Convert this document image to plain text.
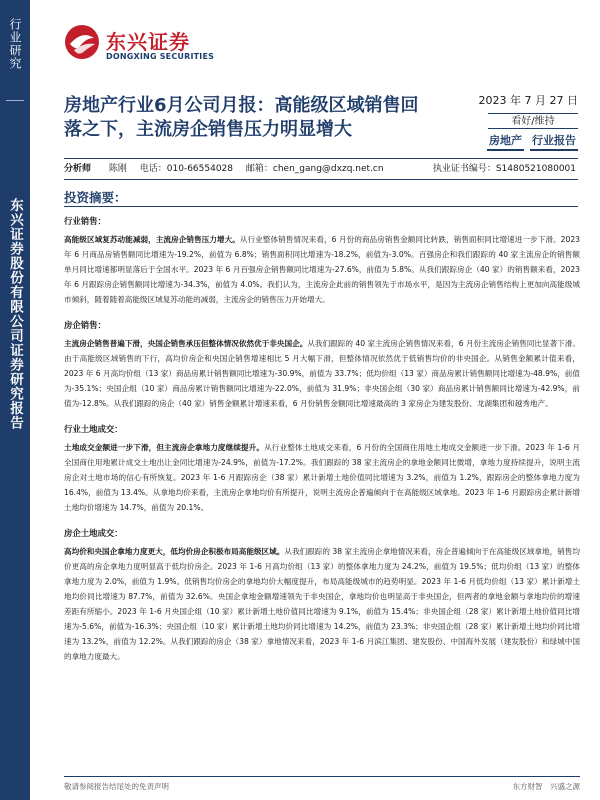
行业研究
东兴证券股份有限公司证券研究报告
东兴证券
DONGXING SECURITIES
房地产行业6月公司月报：高能级区域销售回落之下，主流房企销售压力明显增大
2023 年 7 月 27 日
看好/维持
房地产 行业报告
分析师 陈刚 电话：010-66554028 邮箱：chen_gang@dxzq.net.cn	执业证书编号：S1480521080001
投资摘要：
行业销售：
高能级区域复苏动能减弱，主流房企销售压力增大。从行业整体销售情况来看，6 月份的商品房销售金额同比转跌，销售面积同比增速进一步下滑。2023 年 6 月商品房销售额同比增速为-19.2%，前值为 6.8%；销售面积同比增速为-18.2%，前值为-3.0%。百强房企和我们跟踪的 40 家主流房企的销售额单月同比增速都明显落后于全国水平。2023 年 6 月百强房企销售额同比增速为-27.6%，前值为 5.8%。从我们跟踪房企（40 家）的销售额来看，2023 年 6 月跟踪房企销售额同比增速为-34.3%，前值为 4.0%。我们认为，主流房企此前的销售领先于市场水平，是因为主流房企销售结构上更加向高能级城市倾斜，随着随着高能级区域复苏动能的减弱，主流房企的销售压力开始增大。
房企销售：
主流房企销售普遍下滑，央国企销售承压但整体情况依然优于非央国企。从我们跟踪的 40 家主流房企销售情况来看，6 月份主流房企销售同比显著下滑。由于高能级区域销售的下行，高均价房企和央国企销售增速相比 5 月大幅下滑，但整体情况依然优于低销售均价的非央国企。从销售金额累计值来看，2023 年 6 月高均价组（13 家）商品房累计销售额同比增速为-30.9%，前值为 33.7%；低均价组（13 家）商品房累计销售额同比增速为-48.9%，前值为-35.1%；央国企组（10 家）商品房累计销售额同比增速为-22.0%，前值为 31.9%；非央国企组（30 家）商品房累计销售额同比增速为-42.9%，前值为-12.8%。从我们跟踪的房企（40 家）销售金额累计增速来看，6 月份销售金额同比增速最高的 3 家房企为建发股份、龙湖集团和越秀地产。
行业土地成交：
土地成交金额进一步下滑，但主流房企拿地力度继续提升。从行业整体土地成交来看，6 月份的全国商住用地土地成交金额进一步下滑。2023 年 1-6 月全国商住用地累计成交土地出让金同比增速为-24.9%，前值为-17.2%。我们跟踪的 38 家主流房企的拿地金额同比微增，拿地力度持续提升，说明主流房企对土地市场的信心有所恢复。2023 年 1-6 月跟踪房企（38 家）累计新增土地价值同比增速为 3.2%，前值为 1.2%，跟踪房企的整体拿地力度为 16.4%，前值为 13.4%。从拿地均价来看，主流房企拿地均价有所提升，说明主流房企普遍倾向于在高能级区域拿地。2023 年 1-6 月跟踪房企累计新增土地均价增速为 14.7%，前值为 20.1%。
房企土地成交：
高均价和央国企拿地力度更大，低均价房企积极布局高能级区域。从我们跟踪的 38 家主流房企拿地情况来看，房企普遍倾向于在高能级区域拿地，销售均价更高的房企拿地力度明显高于低均价房企。2023 年 1-6 月高均价组（13 家）的整体拿地力度为 24.2%，前值为 19.5%；低均价组（13 家）的整体拿地力度为 2.0%，前值为 1.9%。低销售均价房企的拿地均价大幅度提升，布局高能级城市的趋势明显。2023 年 1-6 月低均价组（13 家）累计新增土地均价同比增速为 87.7%，前值为 32.6%。央国企拿地金额增速领先于非央国企，拿地均价也明显高于非央国企，但两者的拿地金额与拿地均价的增速差距有所缩小。2023 年 1-6 月央国企组（10 家）累计新增土地价值同比增速为 9.1%，前值为 15.4%；非央国企组（28 家）累计新增土地价值同比增速为-5.6%，前值为-16.3%；央国企组（10 家）累计新增土地均价同比增速为 14.2%，前值为 23.3%；非央国企组（28 家）累计新增土地均价同比增速为 13.2%，前值为 12.2%。从我们跟踪的房企（38 家）拿地情况来看，2023 年 1-6 月滨江集团、建发股份、中国海外发展（建发股份）和绿城中国的拿地力度最大。
敬请参阅报告结尾处的免责声明	东方财智　兴盛之源
